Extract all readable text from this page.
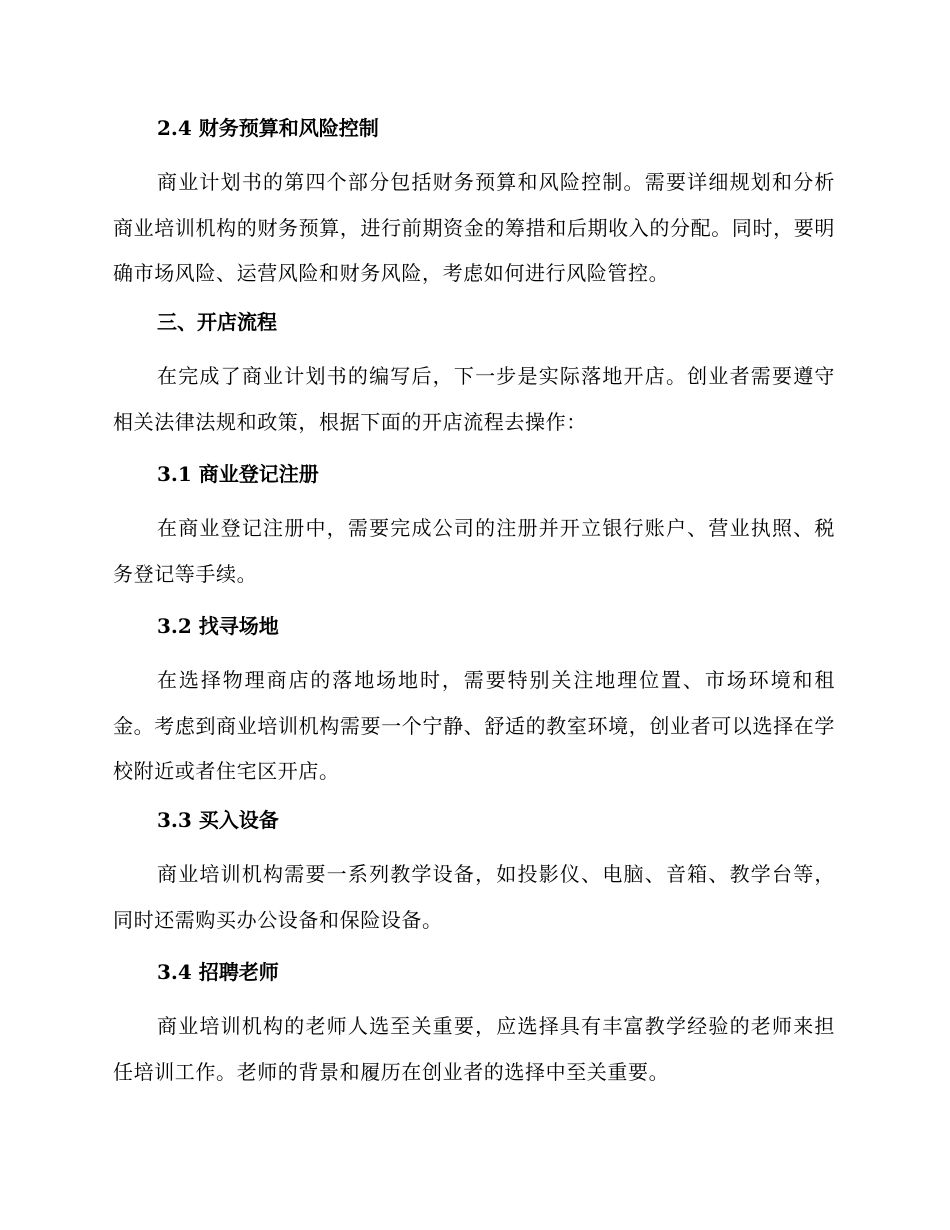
2.4 财务预算和风险控制

商业计划书的第四个部分包括财务预算和风险控制。需要详细规划和分析商业培训机构的财务预算，进行前期资金的筹措和后期收入的分配。同时，要明确市场风险、运营风险和财务风险，考虑如何进行风险管控。

三、开店流程

在完成了商业计划书的编写后，下一步是实际落地开店。创业者需要遵守相关法律法规和政策，根据下面的开店流程去操作：

3.1 商业登记注册

在商业登记注册中，需要完成公司的注册并开立银行账户、营业执照、税务登记等手续。

3.2 找寻场地

在选择物理商店的落地场地时，需要特别关注地理位置、市场环境和租金。考虑到商业培训机构需要一个宁静、舒适的教室环境，创业者可以选择在学校附近或者住宅区开店。

3.3 买入设备

商业培训机构需要一系列教学设备，如投影仪、电脑、音箱、教学台等，同时还需购买办公设备和保险设备。

3.4 招聘老师

商业培训机构的老师人选至关重要，应选择具有丰富教学经验的老师来担任培训工作。老师的背景和履历在创业者的选择中至关重要。
